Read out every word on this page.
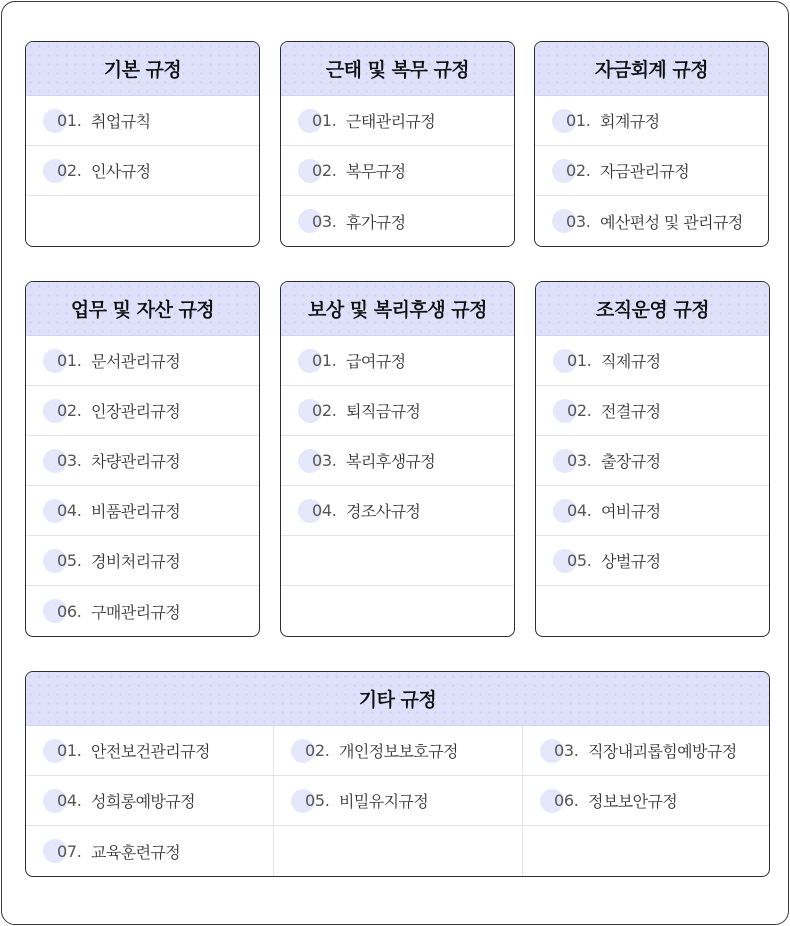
기본 규정
01. 취업규칙
02. 인사규정
근태 및 복무 규정
01. 근태관리규정
02. 복무규정
03. 휴가규정
자금회계 규정
01. 회계규정
02. 자금관리규정
03. 예산편성 및 관리규정
업무 및 자산 규정
01. 문서관리규정
02. 인장관리규정
03. 차량관리규정
04. 비품관리규정
05. 경비처리규정
06. 구매관리규정
보상 및 복리후생 규정
01. 급여규정
02. 퇴직금규정
03. 복리후생규정
04. 경조사규정
조직운영 규정
01. 직제규정
02. 전결규정
03. 출장규정
04. 여비규정
05. 상벌규정
기타 규정
01. 안전보건관리규정	02. 개인정보보호규정	03. 직장내괴롭힘예방규정
04. 성희롱예방규정	05. 비밀유지규정	06. 정보보안규정
07. 교육훈련규정
